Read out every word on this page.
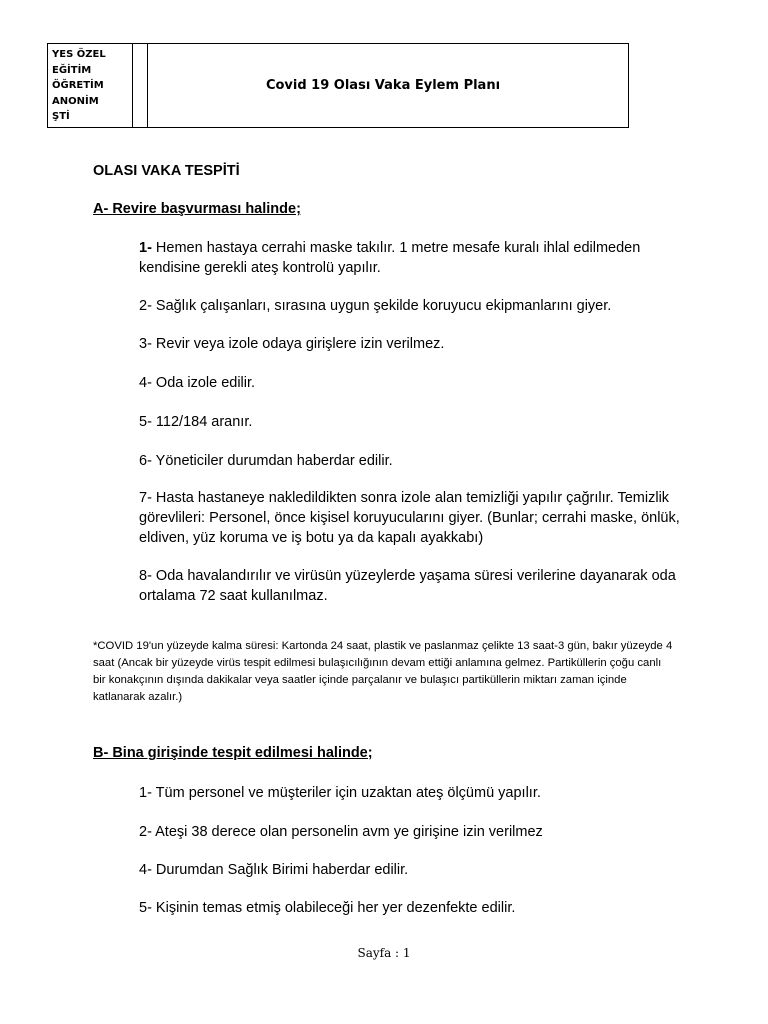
YES ÖZEL
EĞİTİM
ÖĞRETİM
ANONİM
ŞTİ
Covid 19 Olası Vaka Eylem Planı
OLASI VAKA TESPİTİ
A- Revire başvurması halinde;
1- Hemen hastaya cerrahi maske takılır. 1 metre mesafe kuralı ihlal edilmeden kendisine gerekli ateş kontrolü yapılır.
2- Sağlık çalışanları, sırasına uygun şekilde koruyucu ekipmanlarını giyer.
3- Revir veya izole odaya girişlere izin verilmez.
4- Oda izole edilir.
5- 112/184 aranır.
6- Yöneticiler durumdan haberdar edilir.
7- Hasta hastaneye nakledildikten sonra izole alan temizliği yapılır çağrılır. Temizlik görevlileri: Personel, önce kişisel koruyucularını giyer. (Bunlar; cerrahi maske, önlük, eldiven, yüz koruma ve iş botu ya da kapalı ayakkabı)
8- Oda havalandırılır ve virüsün yüzeylerde yaşama süresi verilerine dayanarak oda ortalama 72 saat kullanılmaz.
*COVID 19'un yüzeyde kalma süresi: Kartonda 24 saat, plastik ve paslanmaz çelikte 13 saat-3 gün, bakır yüzeyde 4 saat (Ancak bir yüzeyde virüs tespit edilmesi bulaşıcılığının devam ettiği anlamına gelmez. Partiküllerin çoğu canlı bir konakçının dışında dakikalar veya saatler içinde parçalanır ve bulaşıcı partiküllerin miktarı zaman içinde katlanarak azalır.)
B- Bina girişinde tespit edilmesi halinde;
1- Tüm personel ve müşteriler için uzaktan ateş ölçümü yapılır.
2- Ateşi 38 derece olan personelin avm ye girişine izin verilmez
4- Durumdan Sağlık Birimi haberdar edilir.
5- Kişinin temas etmiş olabileceği her yer dezenfekte edilir.
Sayfa : 1
